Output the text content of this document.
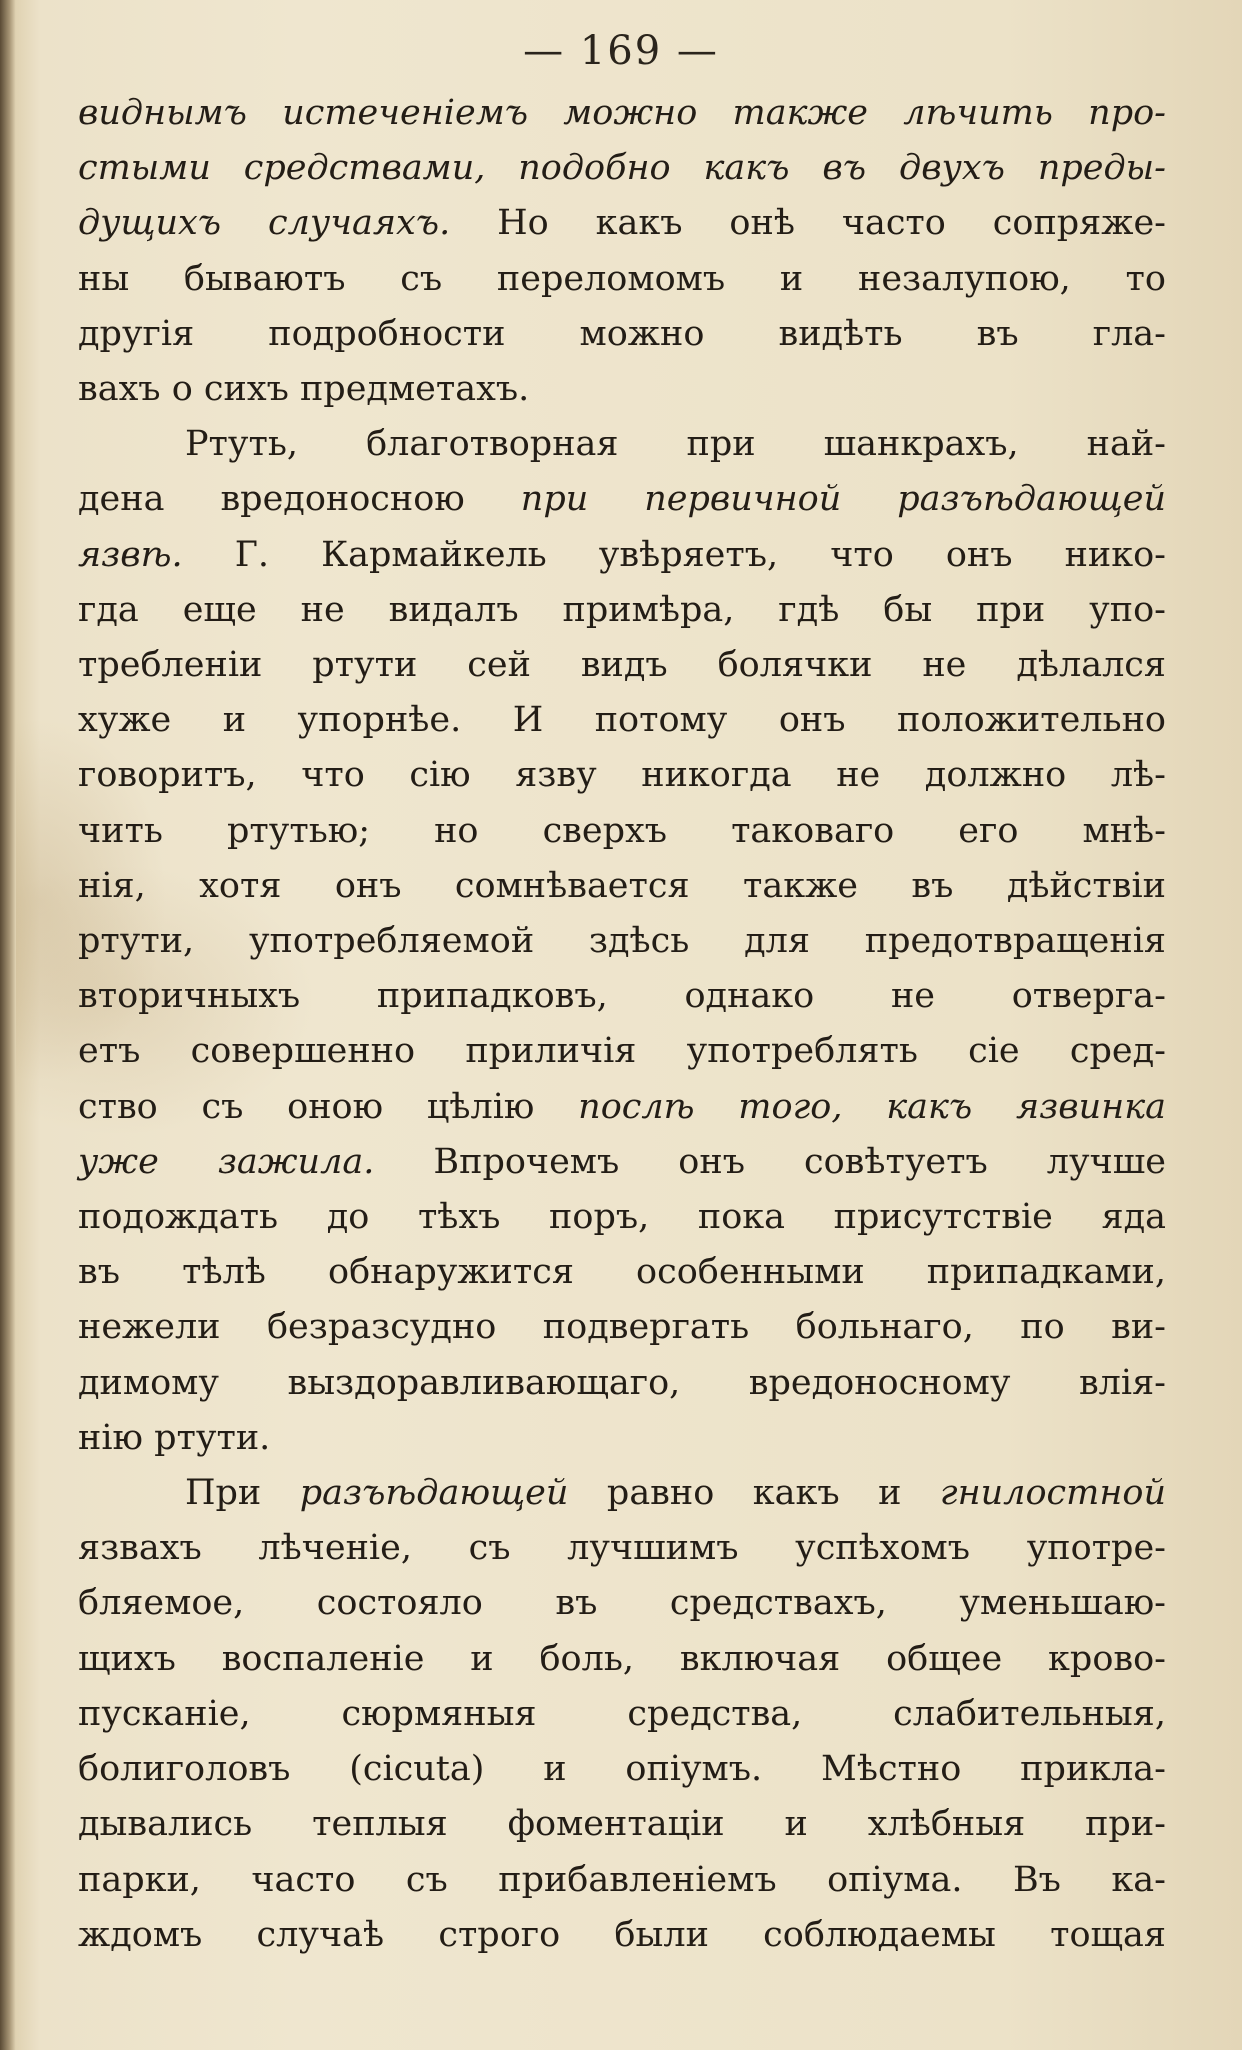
— 169 —
виднымъ истеченіемъ можно также лѣчить про-
стыми средствами, подобно какъ въ двухъ преды-
дущихъ случаяхъ. Но какъ онѣ часто сопряже-
ны бываютъ съ переломомъ и незалупою, то
другія подробности можно видѣть въ гла-
вахъ о сихъ предметахъ.
Ртуть, благотворная при шанкрахъ, най-
дена вредоносною при первичной разъѣдающей
язвѣ. Г. Кармайкель увѣряетъ, что онъ нико-
гда еще не видалъ примѣра, гдѣ бы при упо-
требленіи ртути сей видъ болячки не дѣлался
хуже и упорнѣе. И потому онъ положительно
говоритъ, что сію язву никогда не должно лѣ-
чить ртутью; но сверхъ таковаго его мнѣ-
нія, хотя онъ сомнѣвается также въ дѣйствіи
ртути, употребляемой здѣсь для предотвращенія
вторичныхъ припадковъ, однако не отверга-
етъ совершенно приличія употреблять сіе сред-
ство съ оною цѣлію послѣ того, какъ язвинка
уже зажила. Впрочемъ онъ совѣтуетъ лучше
подождать до тѣхъ поръ, пока присутствіе яда
въ тѣлѣ обнаружится особенными припадками,
нежели безразсудно подвергать больнаго, по ви-
димому выздоравливающаго, вредоносному влія-
нію ртути.
При разъѣдающей равно какъ и гнилостной
язвахъ лѣченіе, съ лучшимъ успѣхомъ употре-
бляемое, состояло въ средствахъ, уменьшаю-
щихъ воспаленіе и боль, включая общее крово-
пусканіе, сюрмяныя средства, слабительныя,
болиголовъ (cicuta) и опіумъ. Мѣстно прикла-
дывались теплыя фоментаціи и хлѣбныя при-
парки, часто съ прибавленіемъ опіума. Въ ка-
ждомъ случаѣ строго были соблюдаемы тощая
